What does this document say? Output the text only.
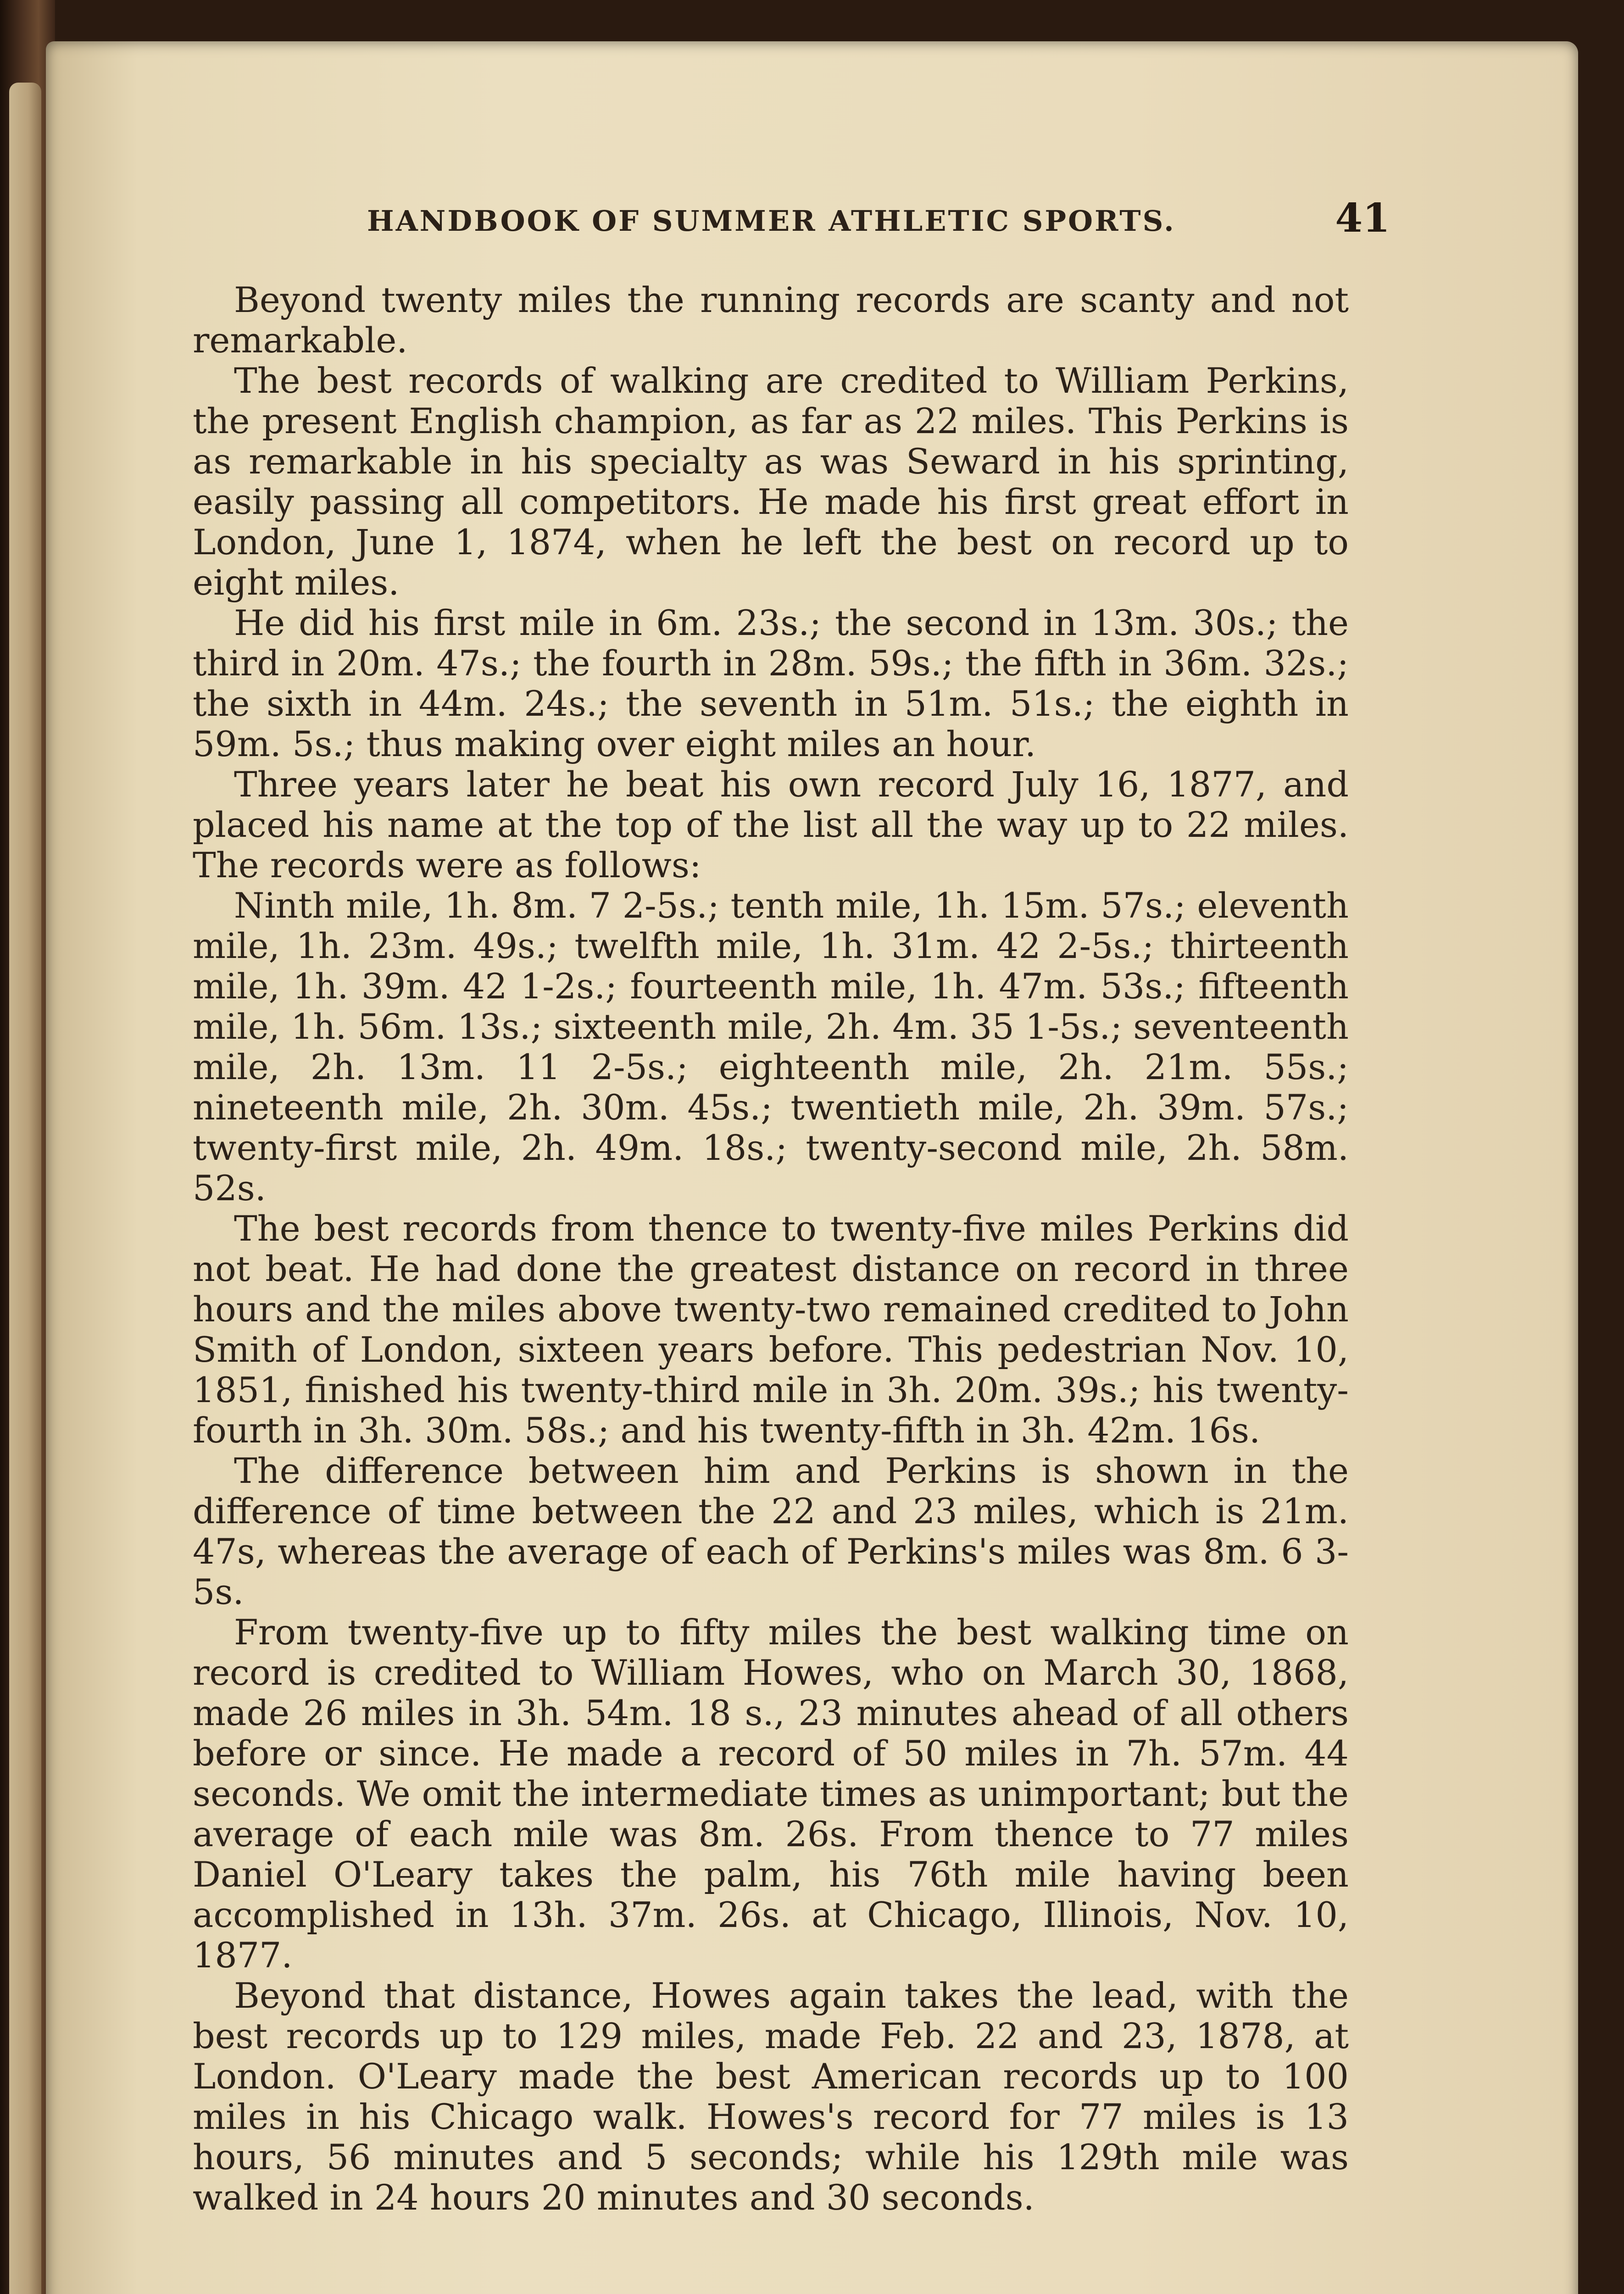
HANDBOOK OF SUMMER ATHLETIC SPORTS.	41

Beyond twenty miles the running records are scanty and not remarkable.

The best records of walking are credited to William Perkins, the present English champion, as far as 22 miles. This Perkins is as remarkable in his specialty as was Seward in his sprinting, easily passing all competitors. He made his first great effort in London, June 1, 1874, when he left the best on record up to eight miles.

He did his first mile in 6m. 23s.; the second in 13m. 30s.; the third in 20m. 47s.; the fourth in 28m. 59s.; the fifth in 36m. 32s.; the sixth in 44m. 24s.; the seventh in 51m. 51s.; the eighth in 59m. 5s.; thus making over eight miles an hour.

Three years later he beat his own record July 16, 1877, and placed his name at the top of the list all the way up to 22 miles. The records were as follows:

Ninth mile, 1h. 8m. 7 2-5s.; tenth mile, 1h. 15m. 57s.; eleventh mile, 1h. 23m. 49s.; twelfth mile, 1h. 31m. 42 2-5s.; thirteenth mile, 1h. 39m. 42 1-2s.; fourteenth mile, 1h. 47m. 53s.; fifteenth mile, 1h. 56m. 13s.; sixteenth mile, 2h. 4m. 35 1-5s.; seventeenth mile, 2h. 13m. 11 2-5s.; eighteenth mile, 2h. 21m. 55s.; nineteenth mile, 2h. 30m. 45s.; twentieth mile, 2h. 39m. 57s.; twenty-first mile, 2h. 49m. 18s.; twenty-second mile, 2h. 58m. 52s.

The best records from thence to twenty-five miles Perkins did not beat. He had done the greatest distance on record in three hours and the miles above twenty-two remained credited to John Smith of London, sixteen years before. This pedestrian Nov. 10, 1851, finished his twenty-third mile in 3h. 20m. 39s.; his twenty-fourth in 3h. 30m. 58s.; and his twenty-fifth in 3h. 42m. 16s.

The difference between him and Perkins is shown in the difference of time between the 22 and 23 miles, which is 21m. 47s, whereas the average of each of Perkins's miles was 8m. 6 3-5s.

From twenty-five up to fifty miles the best walking time on record is credited to William Howes, who on March 30, 1868, made 26 miles in 3h. 54m. 18 s., 23 minutes ahead of all others before or since. He made a record of 50 miles in 7h. 57m. 44 seconds. We omit the intermediate times as unimportant; but the average of each mile was 8m. 26s. From thence to 77 miles Daniel O'Leary takes the palm, his 76th mile having been accomplished in 13h. 37m. 26s. at Chicago, Illinois, Nov. 10, 1877.

Beyond that distance, Howes again takes the lead, with the best records up to 129 miles, made Feb. 22 and 23, 1878, at London. O'Leary made the best American records up to 100 miles in his Chicago walk. Howes's record for 77 miles is 13 hours, 56 minutes and 5 seconds; while his 129th mile was walked in 24 hours 20 minutes and 30 seconds.
